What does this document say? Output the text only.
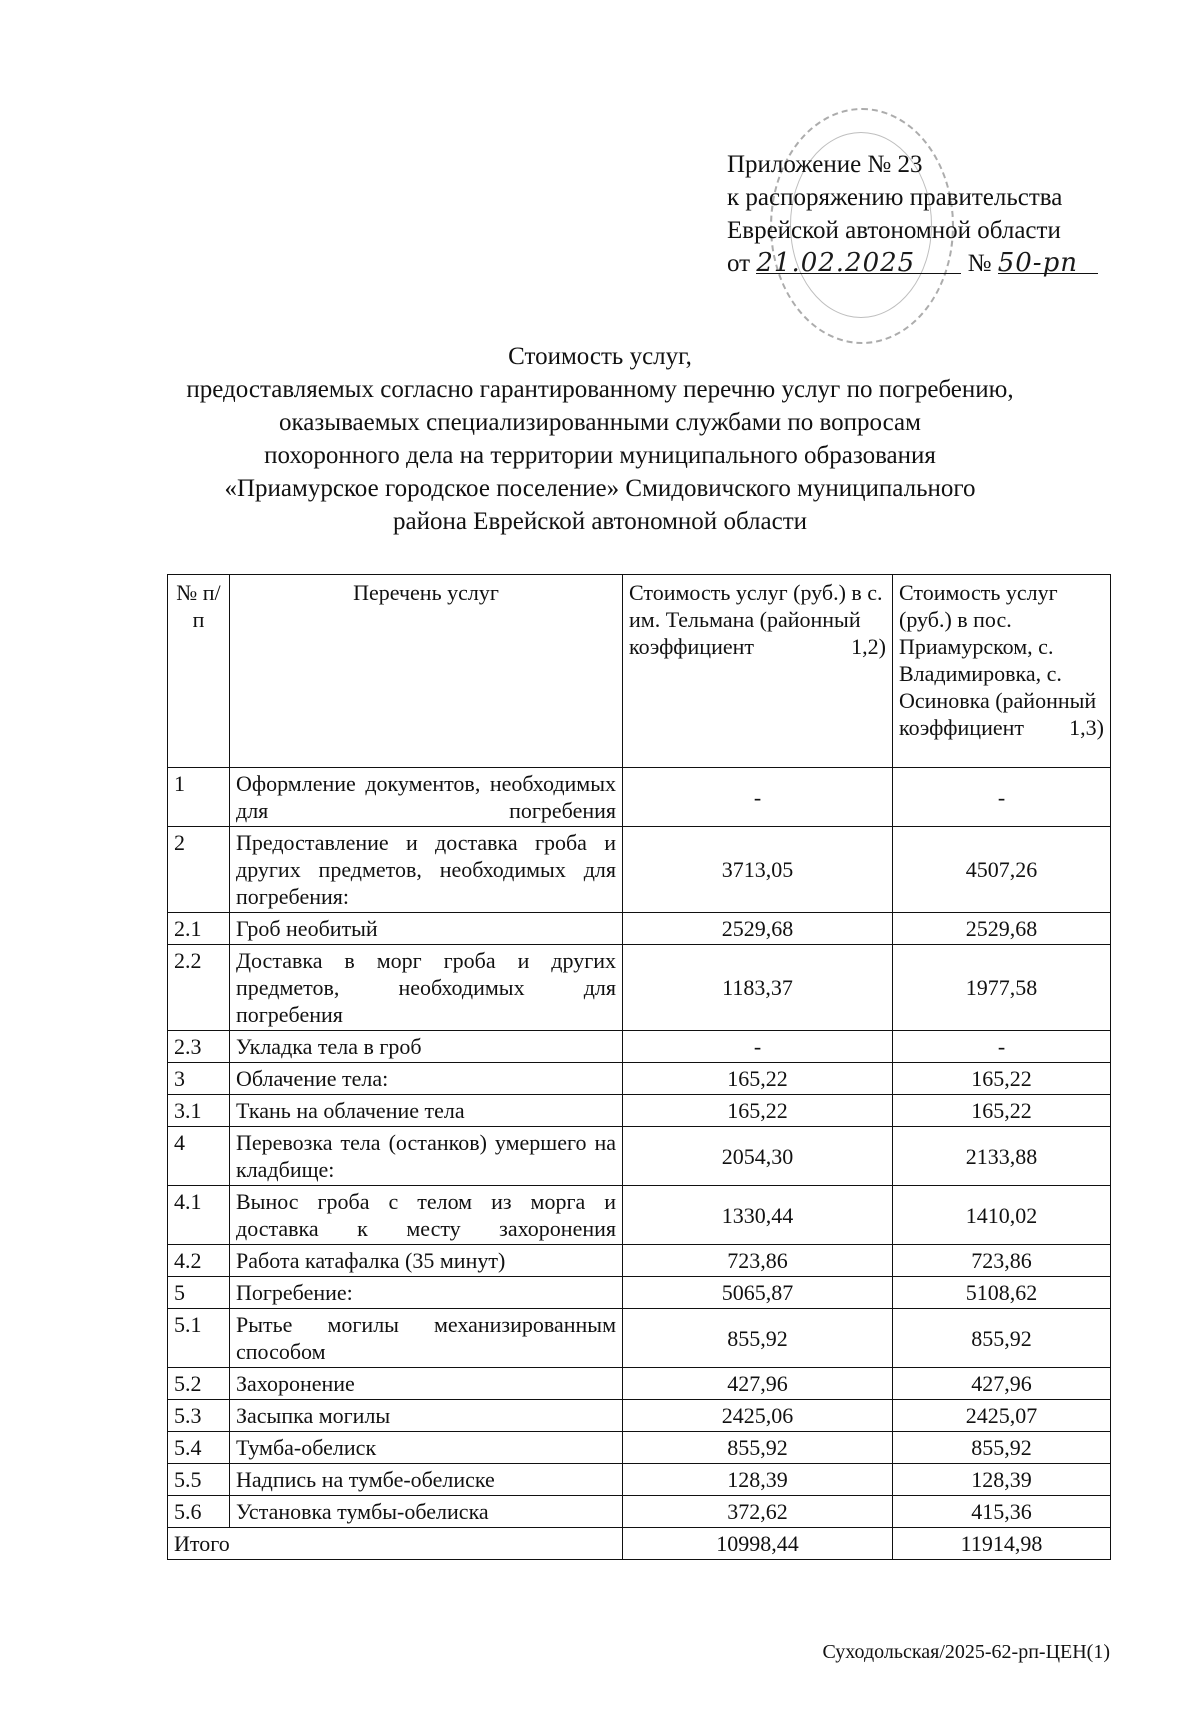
Приложение № 23
к распоряжению правительства
Еврейской автономной области
от 21.02.2025 № 50-рп
Стоимость услуг,
предоставляемых согласно гарантированному перечню услуг по погребению,
оказываемых специализированными службами по вопросам
похоронного дела на территории муниципального образования
«Приамурское городское поселение» Смидовичского муниципального
района Еврейской автономной области
№ п/п	Перечень услуг	Стоимость услуг (руб.) в с. им. Тельмана (районный коэффициент 1,2)	Стоимость услуг (руб.) в пос. Приамурском, с. Владимировка, с. Осиновка (районный коэффициент 1,3)
1	Оформление документов, необходимых для погребения	-	-
2	Предоставление и доставка гроба и других предметов, необходимых для погребения:	3713,05	4507,26
2.1	Гроб необитый	2529,68	2529,68
2.2	Доставка в морг гроба и других предметов, необходимых для погребения	1183,37	1977,58
2.3	Укладка тела в гроб	-	-
3	Облачение тела:	165,22	165,22
3.1	Ткань на облачение тела	165,22	165,22
4	Перевозка тела (останков) умершего на кладбище:	2054,30	2133,88
4.1	Вынос гроба с телом из морга и доставка к месту захоронения	1330,44	1410,02
4.2	Работа катафалка (35 минут)	723,86	723,86
5	Погребение:	5065,87	5108,62
5.1	Рытье могилы механизированным способом	855,92	855,92
5.2	Захоронение	427,96	427,96
5.3	Засыпка могилы	2425,06	2425,07
5.4	Тумба-обелиск	855,92	855,92
5.5	Надпись на тумбе-обелиске	128,39	128,39
5.6	Установка тумбы-обелиска	372,62	415,36
Итого		10998,44	11914,98
Суходольская/2025-62-рп-ЦЕН(1)
